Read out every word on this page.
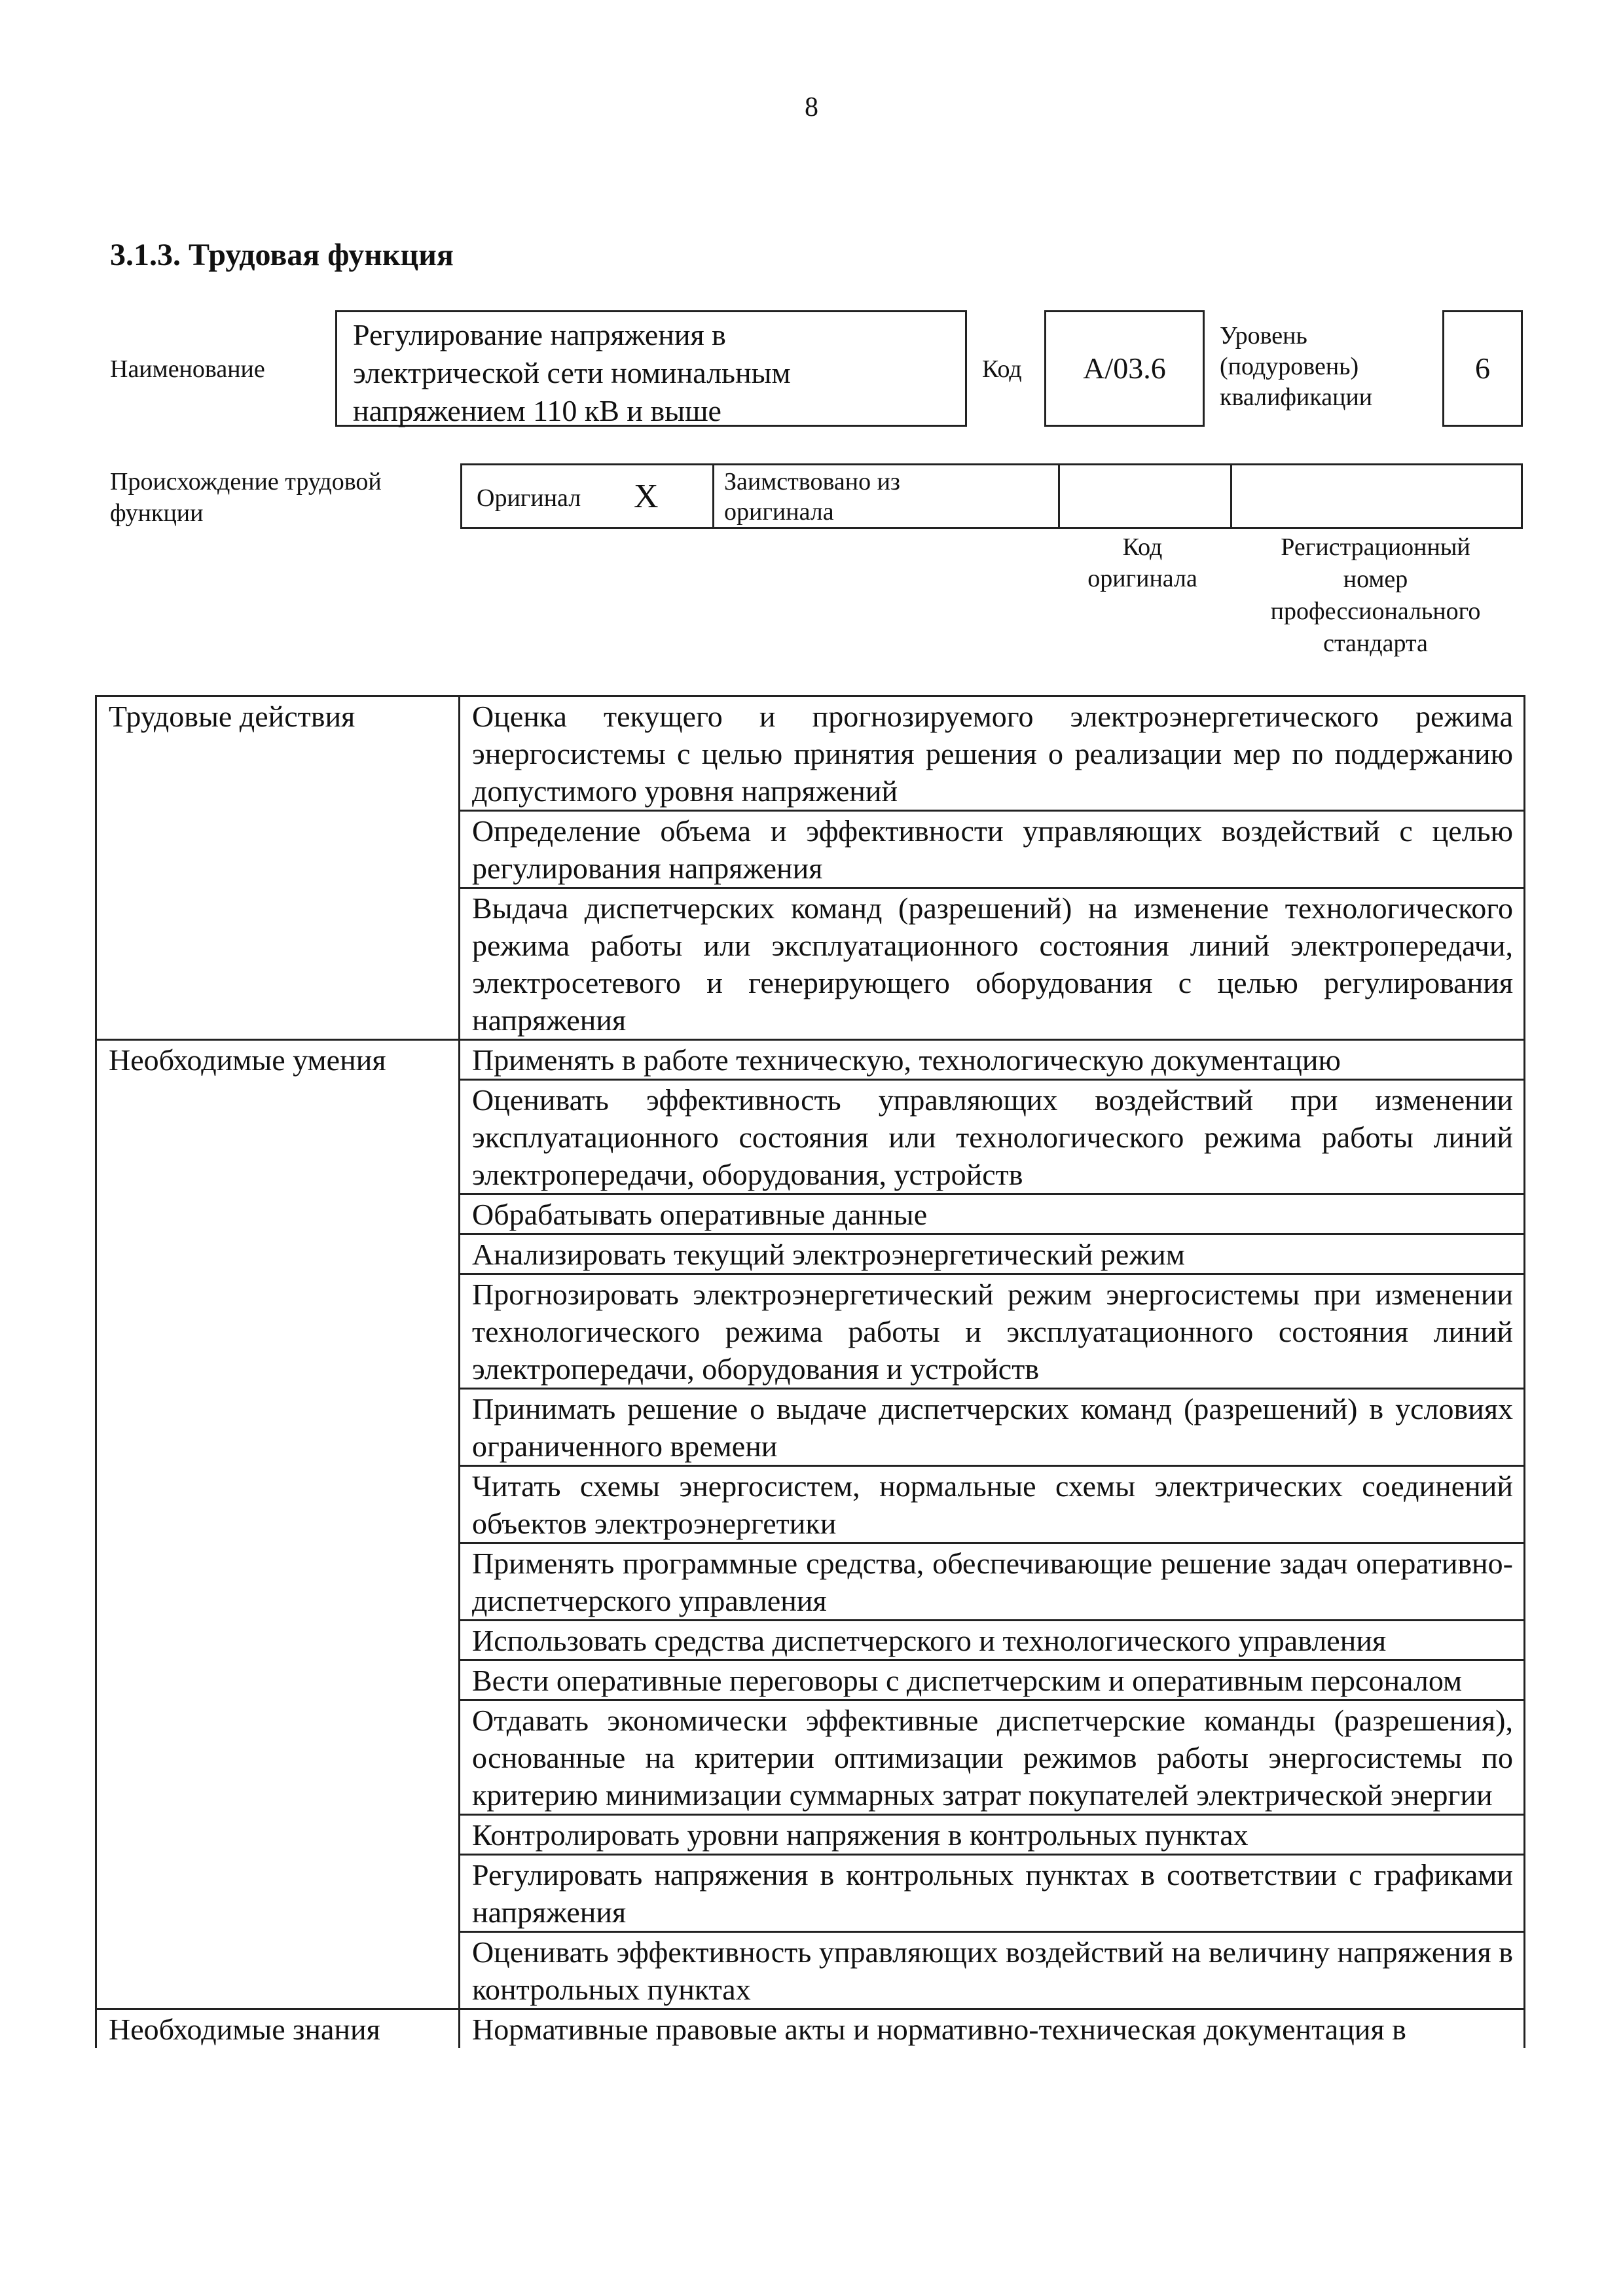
8
3.1.3. Трудовая функция
Наименование
Регулирование напряжения в
электрической сети номинальным
напряжением 110 кВ и выше
Код А/03.6
Уровень
(подуровень)
квалификации
6
Происхождение трудовой
функции
Оригинал X	Заимствовано из
оригинала
Код
оригинала
Регистрационный
номер
профессионального
стандарта
Трудовые действия	Оценка текущего и прогнозируемого электроэнергетического режима энергосистемы с целью принятия решения о реализации мер по поддержанию допустимого уровня напряжений
	Определение объема и эффективности управляющих воздействий с целью регулирования напряжения
	Выдача диспетчерских команд (разрешений) на изменение технологического режима работы или эксплуатационного состояния линий электропередачи, электросетевого и генерирующего оборудования с целью регулирования напряжения
Необходимые умения	Применять в работе техническую, технологическую документацию
	Оценивать эффективность управляющих воздействий при изменении эксплуатационного состояния или технологического режима работы линий электропередачи, оборудования, устройств
	Обрабатывать оперативные данные
	Анализировать текущий электроэнергетический режим
	Прогнозировать электроэнергетический режим энергосистемы при изменении технологического режима работы и эксплуатационного состояния линий электропередачи, оборудования и устройств
	Принимать решение о выдаче диспетчерских команд (разрешений) в условиях ограниченного времени
	Читать схемы энергосистем, нормальные схемы электрических соединений объектов электроэнергетики
	Применять программные средства, обеспечивающие решение задач оперативно-диспетчерского управления
	Использовать средства диспетчерского и технологического управления
	Вести оперативные переговоры с диспетчерским и оперативным персоналом
	Отдавать экономически эффективные диспетчерские команды (разрешения), основанные на критерии оптимизации режимов работы энергосистемы по критерию минимизации суммарных затрат покупателей электрической энергии
	Контролировать уровни напряжения в контрольных пунктах
	Регулировать напряжения в контрольных пунктах в соответствии с графиками напряжения
	Оценивать эффективность управляющих воздействий на величину напряжения в контрольных пунктах
Необходимые знания	Нормативные правовые акты и нормативно-техническая документация в
